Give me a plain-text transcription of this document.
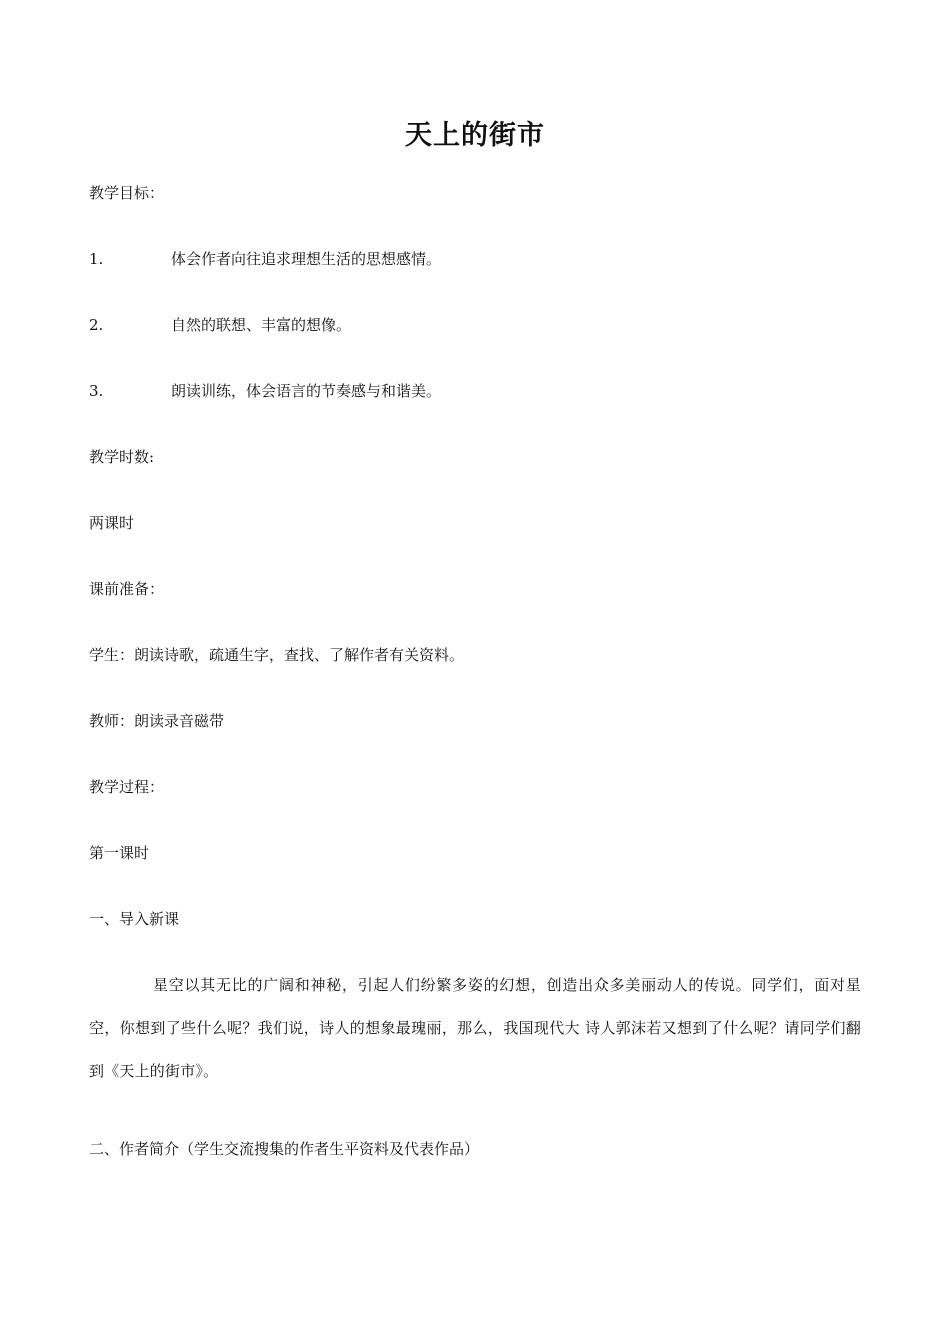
天上的街市
教学目标：
1.	体会作者向往追求理想生活的思想感情。
2.	自然的联想、丰富的想像。
3.	朗读训练，体会语言的节奏感与和谐美。
教学时数:
两课时
课前准备：
学生：朗读诗歌，疏通生字，查找、了解作者有关资料。
教师：朗读录音磁带
教学过程：
第一课时
一、导入新课
星空以其无比的广阔和神秘，引起人们纷繁多姿的幻想，创造出众多美丽动人的传说。同学们，面对星空，你想到了些什么呢？我们说，诗人的想象最瑰丽，那么，我国现代大 诗人郭沫若又想到了什么呢？请同学们翻到《天上的街市》。
二、作者简介（学生交流搜集的作者生平资料及代表作品）
